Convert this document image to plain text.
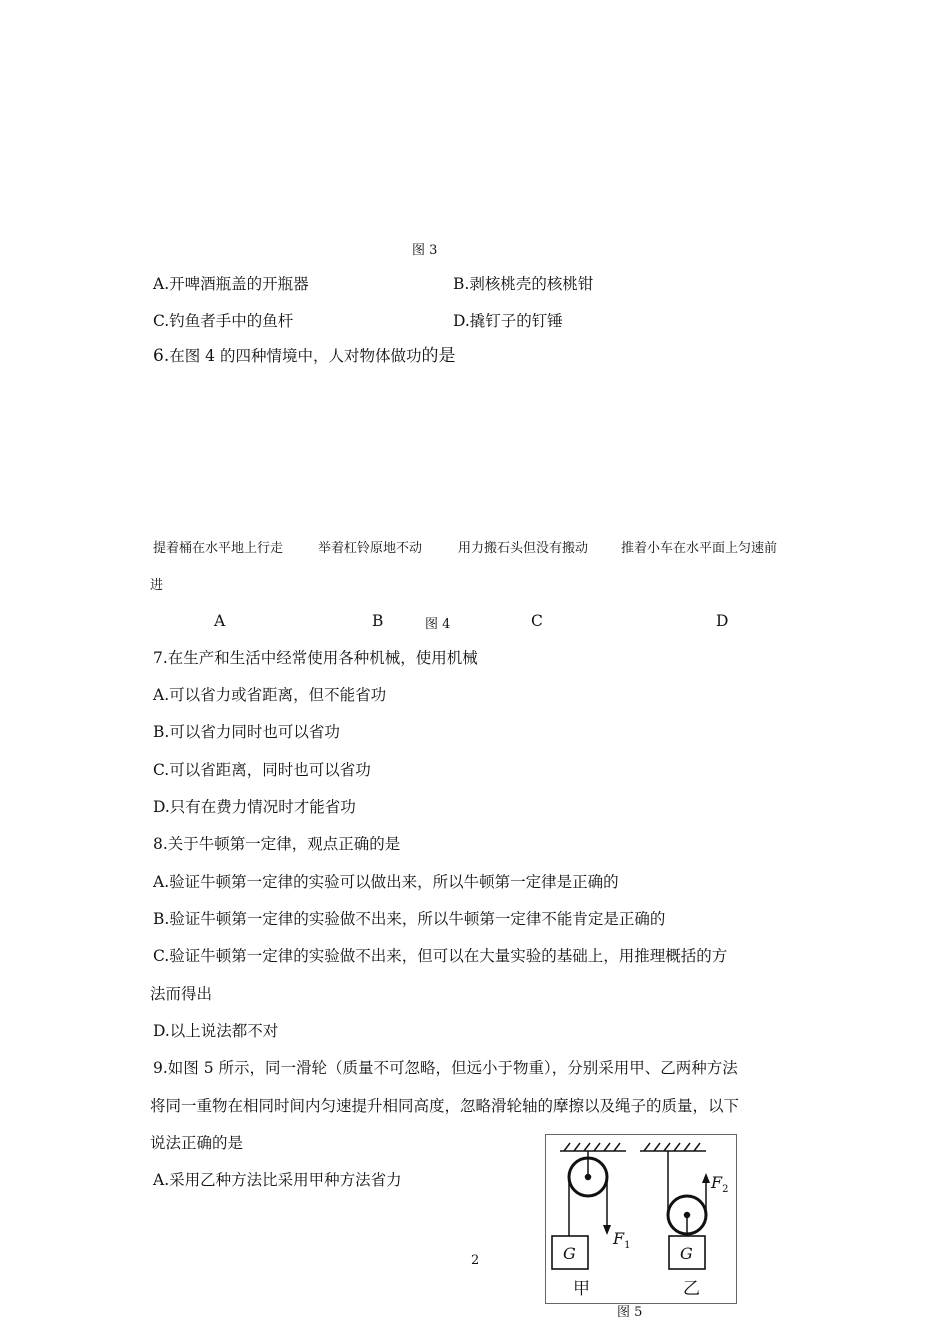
图 3
A.开啤酒瓶盖的开瓶器	B.剥核桃壳的核桃钳
C.钓鱼者手中的鱼杆	D.撬钉子的钉锤
6.在图 4 的四种情境中，人对物体做功的是
提着桶在水平地上行走	举着杠铃原地不动	用力搬石头但没有搬动	推着小车在水平面上匀速前
进
A	B	图 4	C	D
7.在生产和生活中经常使用各种机械，使用机械
A.可以省力或省距离，但不能省功
B.可以省力同时也可以省功
C.可以省距离，同时也可以省功
D.只有在费力情况时才能省功
8.关于牛顿第一定律，观点正确的是
A.验证牛顿第一定律的实验可以做出来，所以牛顿第一定律是正确的
B.验证牛顿第一定律的实验做不出来，所以牛顿第一定律不能肯定是正确的
C.验证牛顿第一定律的实验做不出来，但可以在大量实验的基础上，用推理概括的方
法而得出
D.以上说法都不对
9.如图 5 所示，同一滑轮（质量不可忽略，但远小于物重），分别采用甲、乙两种方法
将同一重物在相同时间内匀速提升相同高度，忽略滑轮轴的摩擦以及绳子的质量，以下
说法正确的是
A.采用乙种方法比采用甲种方法省力
2	G	G
$F_1$
$F_2$
甲	乙
图 5
